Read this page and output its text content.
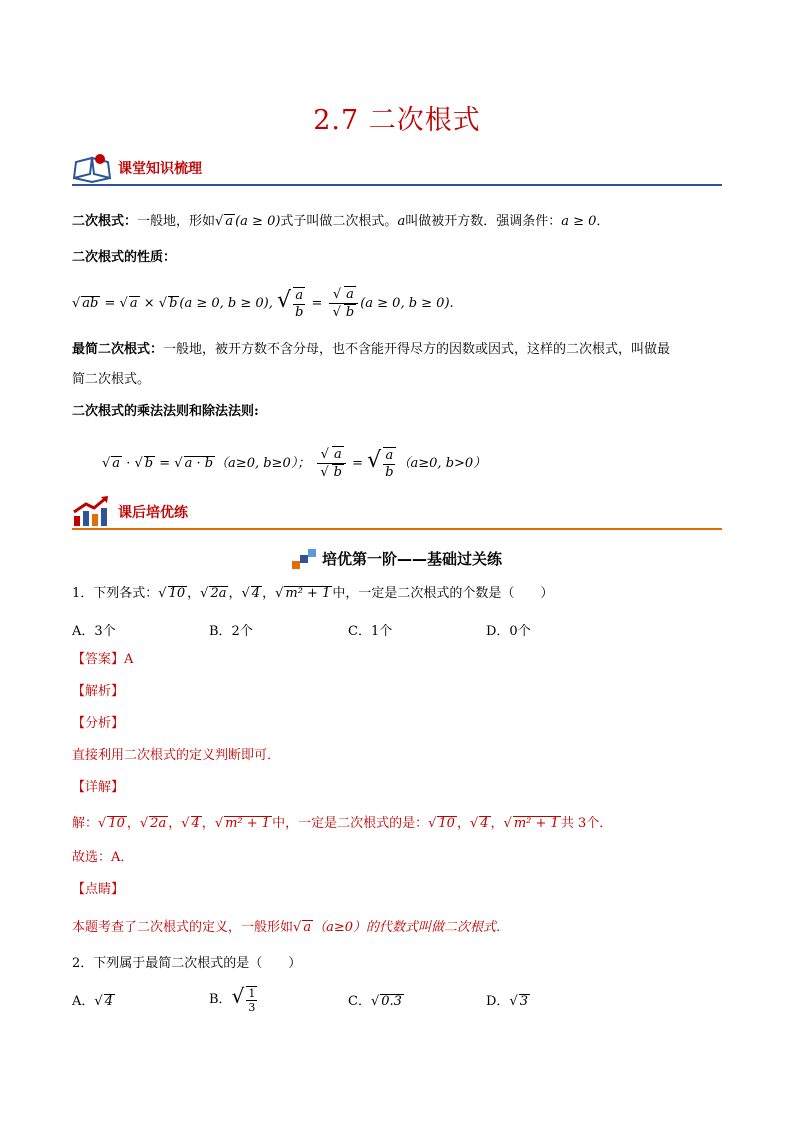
2.7 二次根式
课堂知识梳理
二次根式：一般地，形如√ a (a ≥ 0)式子叫做二次根式。a叫做被开方数．强调条件：a ≥ 0．
二次根式的性质：
√ ab = √ a × √ b (a ≥ 0, b ≥ 0), √ $\frac{a}{b} = \frac{√ a}{√ b} (a \ge 0$, b ≥ 0).
最简二次根式：一般地，被开方数不含分母，也不含能开得尽方的因数或因式，这样的二次根式，叫做最
简二次根式。
二次根式的乘法法则和除法法则:
√ a · √ b = √ a · b （a≥0, b≥0）； $\frac{√ a}{√ b}$ = √ $\frac{a}{b} (a\ge 0$, b>0）
课后培优练
培优第一阶——基础过关练
1．下列各式：√ 10 ，√ 2a ，√ 4 ，√ m² + 1 中，一定是二次根式的个数是（　　）
A．3个	B．2个	C．1个	D．0个
【答案】A
【解析】
【分析】
直接利用二次根式的定义判断即可．
【详解】
解：√ 10 ，√ 2a ，√ 4 ，√ m² + 1 中，一定是二次根式的是：√ 10 ，√ 4 ，√ m² + 1 共 3个．
故选：A．
【点睛】
本题考查了二次根式的定义，一般形如√ a （a≥0）的代数式叫做二次根式．
2．下列属于最简二次根式的是（　　）
A．√ 4	B．√ $\frac{1}{3}$	C．√ 0.3	D．√ 3
